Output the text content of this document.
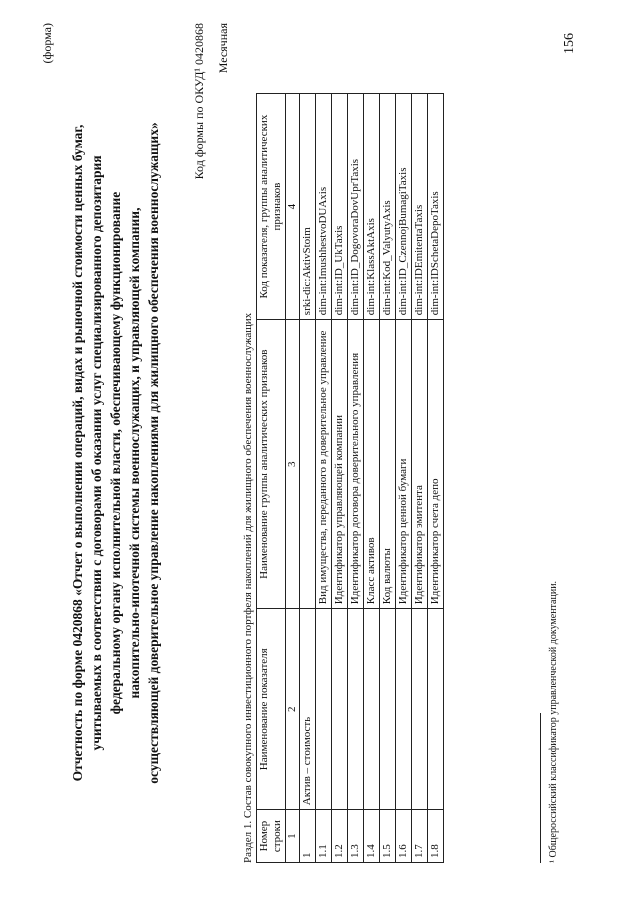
(форма)
Отчетность по форме 0420868 «Отчет о выполнении операций, видах и рыночной стоимости ценных бумаг, учитываемых в соответствии с договорами об оказании услуг специализированного депозитария федеральному органу исполнительной власти, обеспечивающему функционирование накопительно-ипотечной системы военнослужащих, и управляющей компании, осуществляющей доверительное управление накоплениями для жилищного обеспечения военнослужащих»
Код формы по ОКУД¹ 0420868 Месячная
Раздел 1. Состав совокупного инвестиционного портфеля накоплений для жилищного обеспечения военнослужащих Номер строки	Наименование показателя	Наименование группы аналитических признаков	Код показателя, группы аналитических признаков
1	2	3	4
1	Актив – стоимость		srki-dic:AktivStoim
1.1		Вид имущества, переданного в доверительное управление	dim-int:ImushhestvoDUAxis
1.2		Идентификатор управляющей компании	dim-int:ID_UkTaxis
1.3		Идентификатор договора доверительного управления	dim-int:ID_DogovoraDovUprTaxis
1.4		Класс активов	dim-int:KlassAktAxis
1.5		Код валюты	dim-int:Kod_ValyutyAxis
1.6		Идентификатор ценной бумаги	dim-int:ID_CzennojBumagiTaxis
1.7		Идентификатор эмитента	dim-int:IDEmitentaTaxis
1.8		Идентификатор счета депо	dim-int:IDSchetaDepoTaxis
¹ Общероссийский классификатор управленческой документации.
156
